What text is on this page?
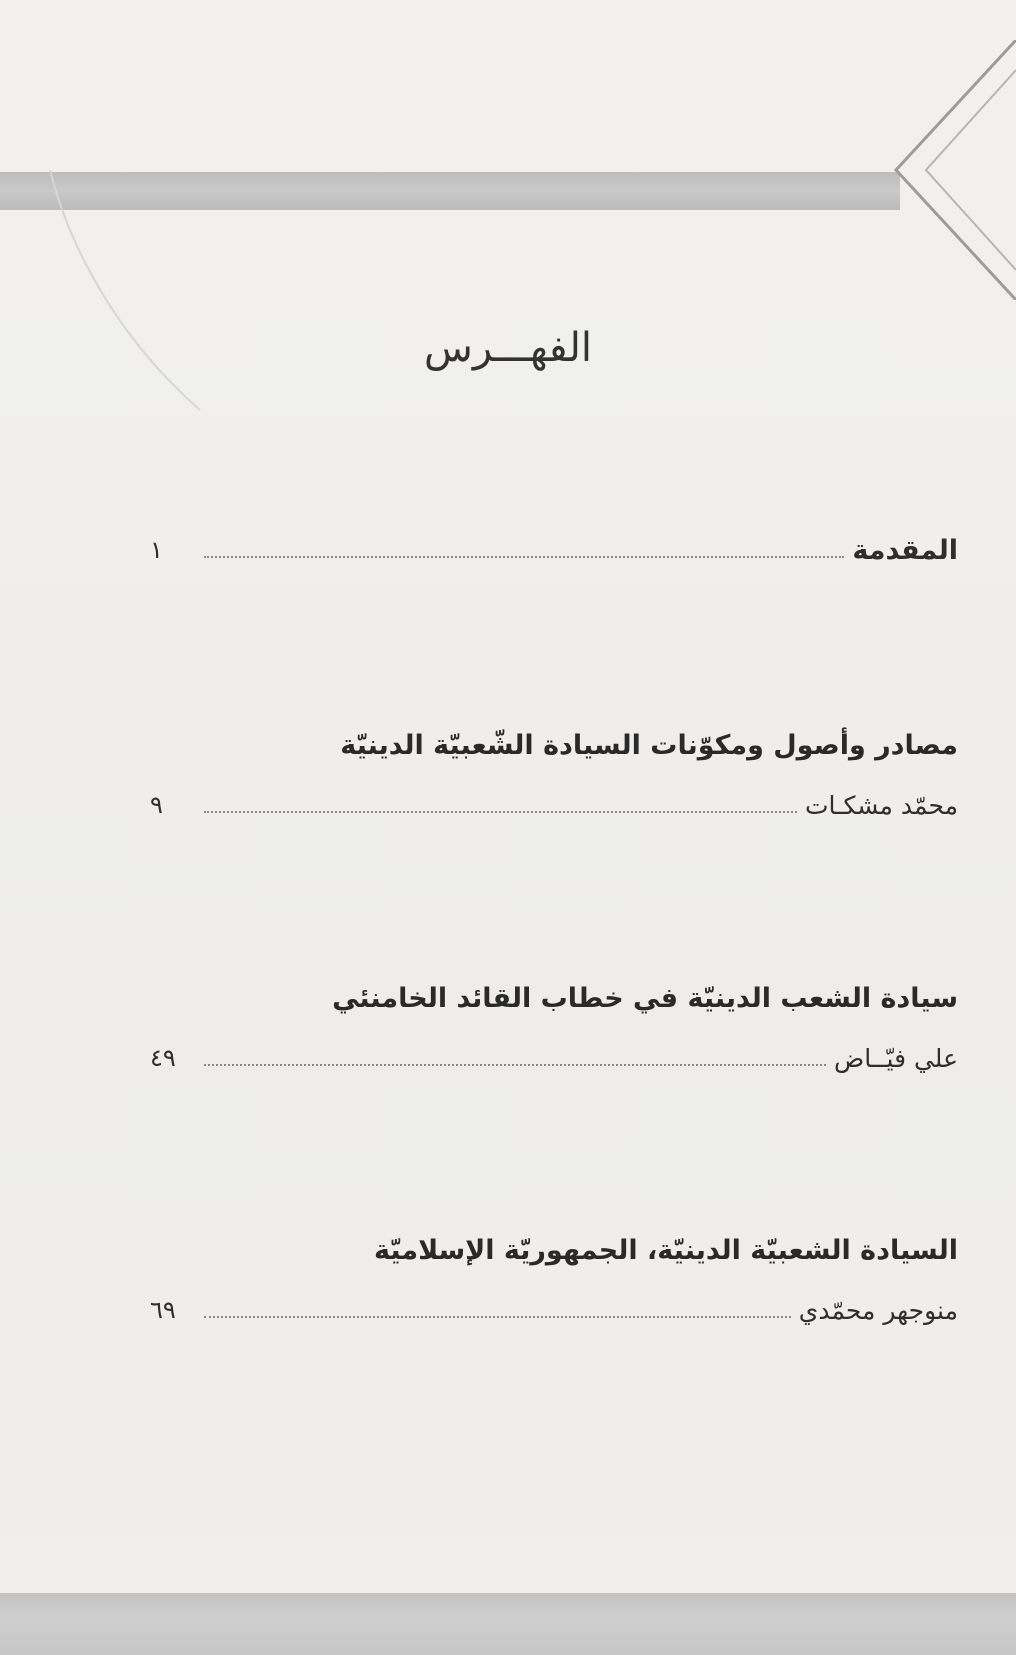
الفهـــرس
المقدمة
١
مصادر وأصول ومكوّنات السيادة الشّعبيّة الدينيّة
محمّد مشكـات
٩
سيادة الشعب الدينيّة في خطاب القائد الخامنئي
علي فيّــاض
٤٩
السيادة الشعبيّة الدينيّة، الجمهوريّة الإسلاميّة
منوجهر محمّدي
٦٩
